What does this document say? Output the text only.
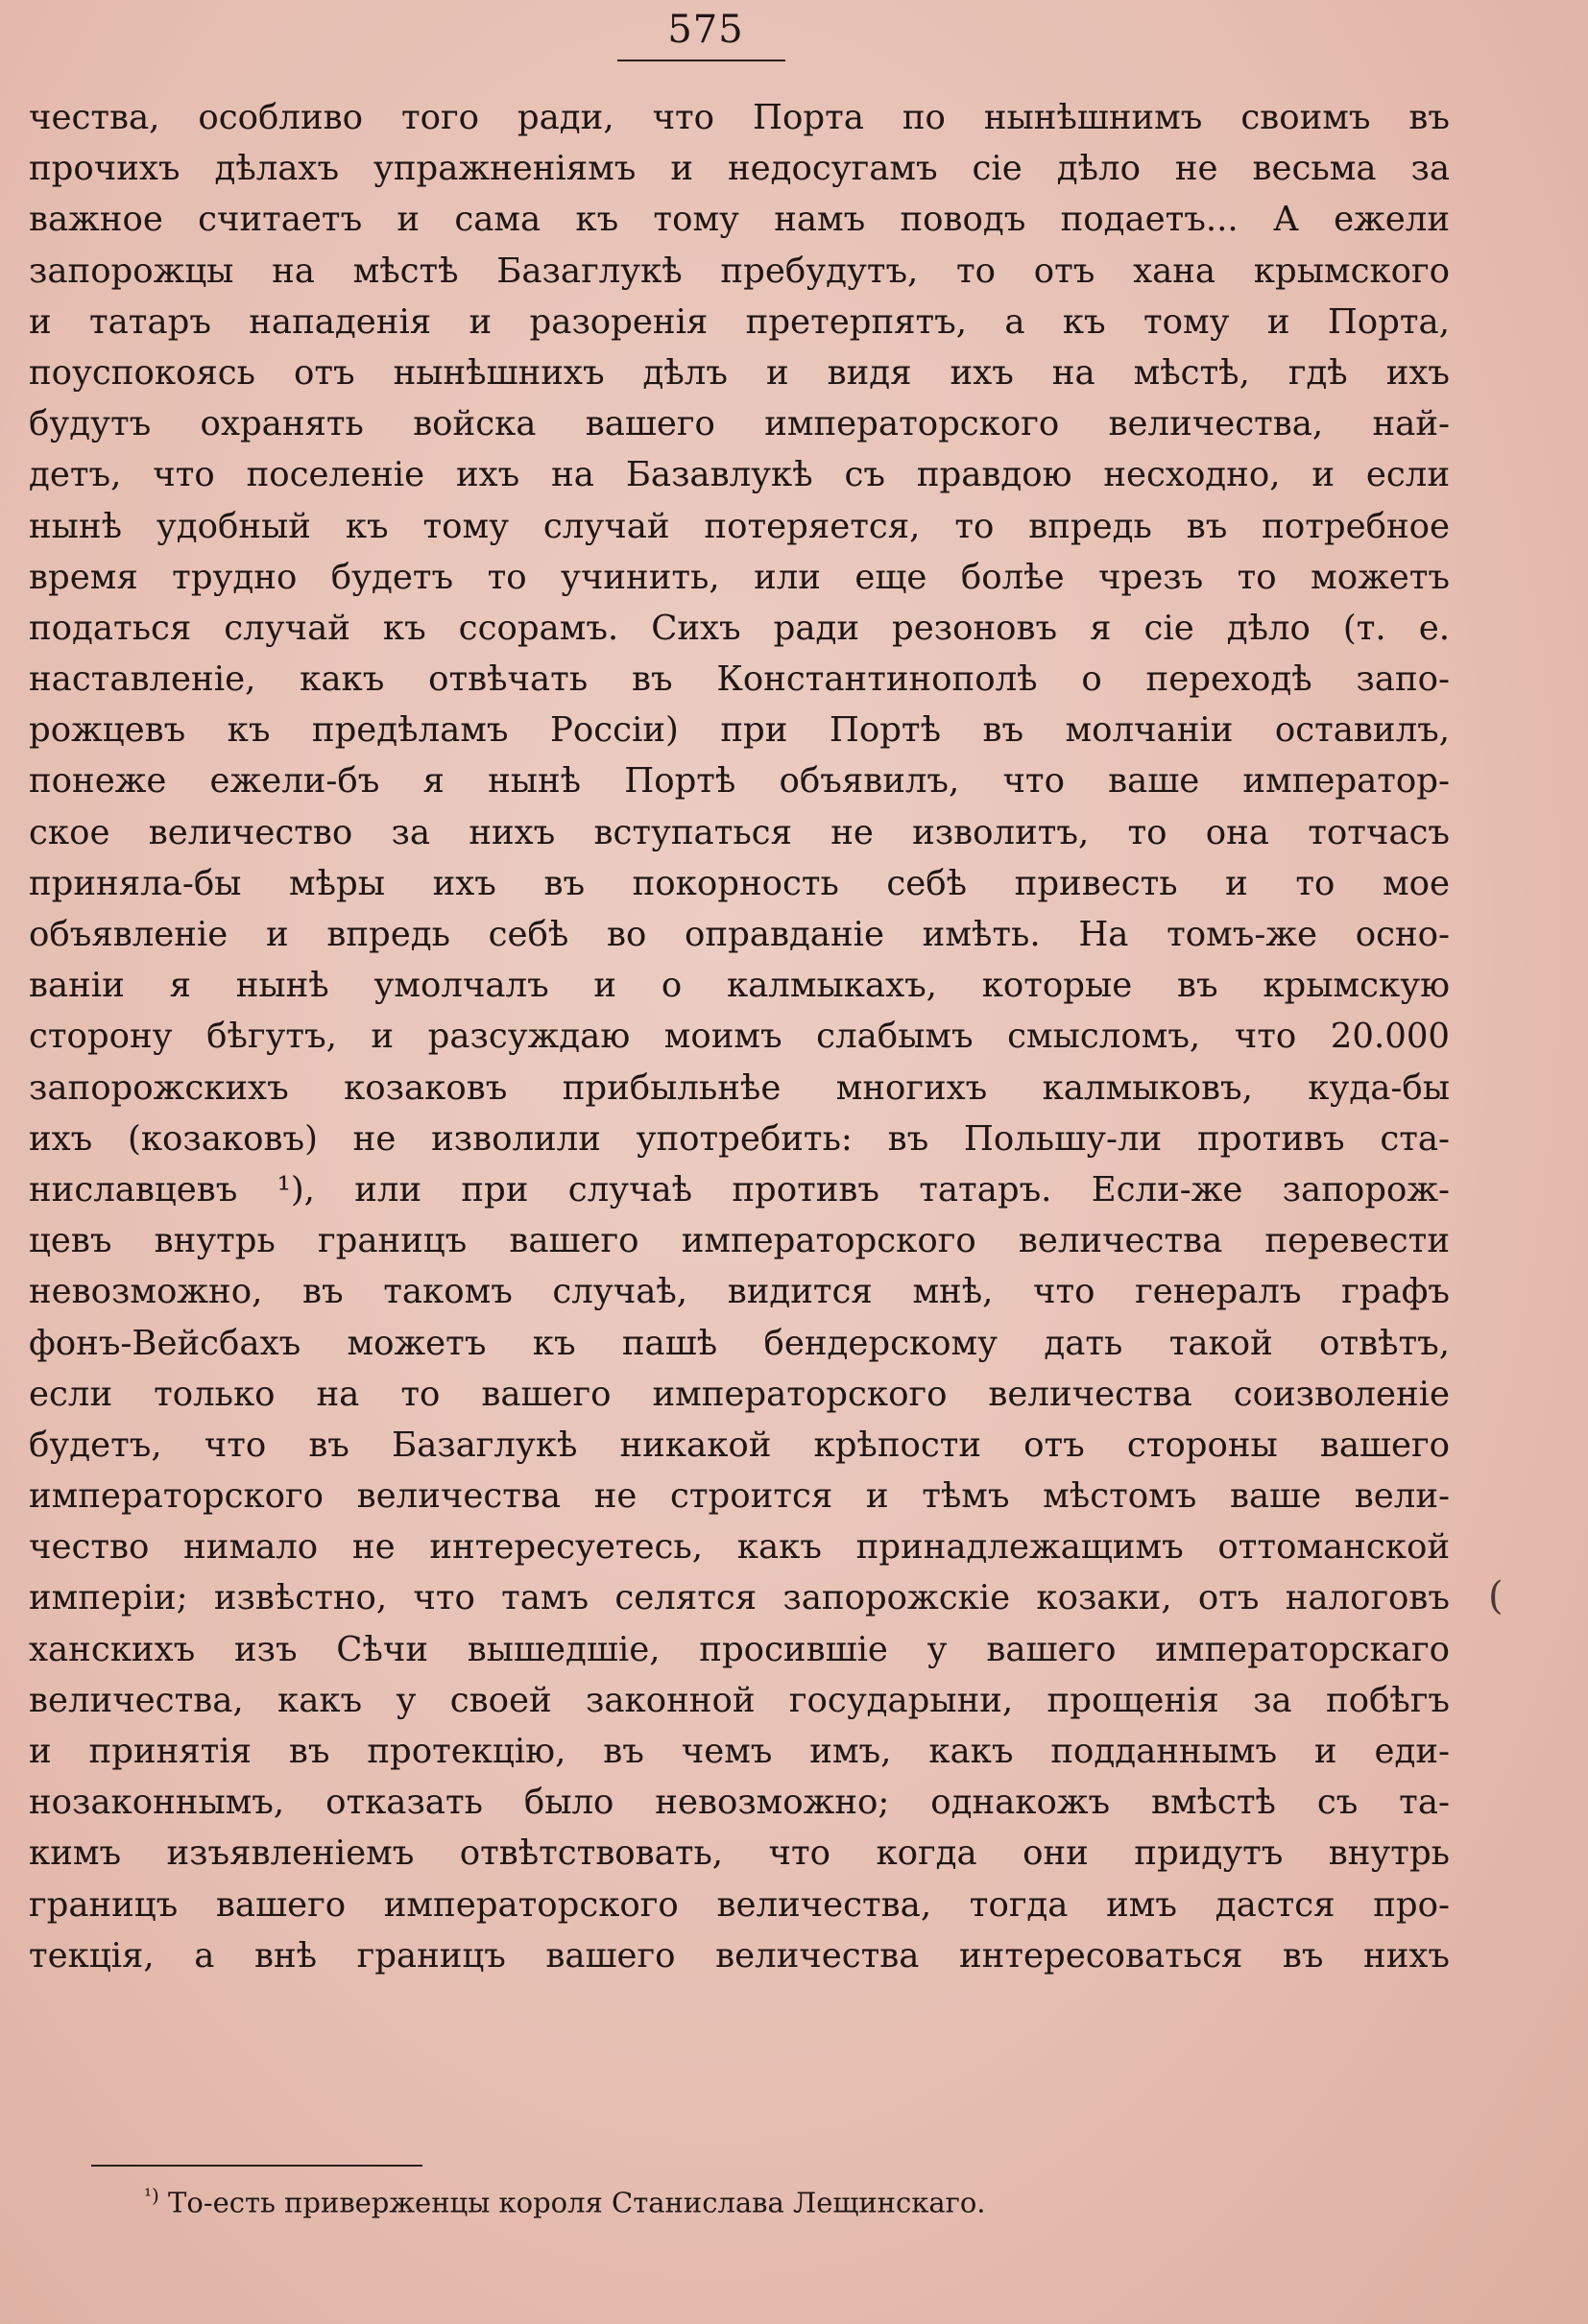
575
чества, особливо того ради, что Порта по нынѣшнимъ своимъ въ
прочихъ дѣлахъ упражненіямъ и недосугамъ сіе дѣло не весьма за
важное считаетъ и сама къ тому намъ поводъ подаетъ... А ежели
запорожцы на мѣстѣ Базаглукѣ пребудутъ, то отъ хана крымского
и татаръ нападенія и разоренія претерпятъ, а къ тому и Порта,
поуспокоясь отъ нынѣшнихъ дѣлъ и видя ихъ на мѣстѣ, гдѣ ихъ
будутъ охранять войска вашего императорского величества, най-
детъ, что поселеніе ихъ на Базавлукѣ съ правдою несходно, и если
нынѣ удобный къ тому случай потеряется, то впредь въ потребное
время трудно будетъ то учинить, или еще болѣе чрезъ то можетъ
податься случай къ ссорамъ. Сихъ ради резоновъ я сіе дѣло (т. е.
наставленіе, какъ отвѣчать въ Константинополѣ о переходѣ запо-
рожцевъ къ предѣламъ Россіи) при Портѣ въ молчаніи оставилъ,
понеже ежели-бъ я нынѣ Портѣ объявилъ, что ваше император-
ское величество за нихъ вступаться не изволитъ, то она тотчасъ
приняла-бы мѣры ихъ въ покорность себѣ привесть и то мое
объявленіе и впредь себѣ во оправданіе имѣть. На томъ-же осно-
ваніи я нынѣ умолчалъ и о калмыкахъ, которые въ крымскую
сторону бѣгутъ, и разсуждаю моимъ слабымъ смысломъ, что 20.000
запорожскихъ козаковъ прибыльнѣе многихъ калмыковъ, куда-бы
ихъ (козаковъ) не изволили употребить: въ Польшу-ли противъ ста-
ниславцевъ ¹), или при случаѣ противъ татаръ. Если-же запорож-
цевъ внутрь границъ вашего императорского величества перевести
невозможно, въ такомъ случаѣ, видится мнѣ, что генералъ графъ
фонъ-Вейсбахъ можетъ къ пашѣ бендерскому дать такой отвѣтъ,
если только на то вашего императорского величества соизволеніе
будетъ, что въ Базаглукѣ никакой крѣпости отъ стороны вашего
императорского величества не строится и тѣмъ мѣстомъ ваше вели-
чество нимало не интересуетесь, какъ принадлежащимъ оттоманской
имперіи; извѣстно, что тамъ селятся запорожскіе козаки, отъ налоговъ
ханскихъ изъ Сѣчи вышедшіе, просившіе у вашего императорскаго
величества, какъ у своей законной государыни, прощенія за побѣгъ
и принятія въ протекцію, въ чемъ имъ, какъ подданнымъ и еди-
нозаконнымъ, отказать было невозможно; однакожъ вмѣстѣ съ та-
кимъ изъявленіемъ отвѣтствовать, что когда они придутъ внутрь
границъ вашего императорского величества, тогда имъ дастся про-
текція, а внѣ границъ вашего величества интересоваться въ нихъ
(
$^{^1)}$ То-есть приверженцы короля Станислава Лещинскаго.
